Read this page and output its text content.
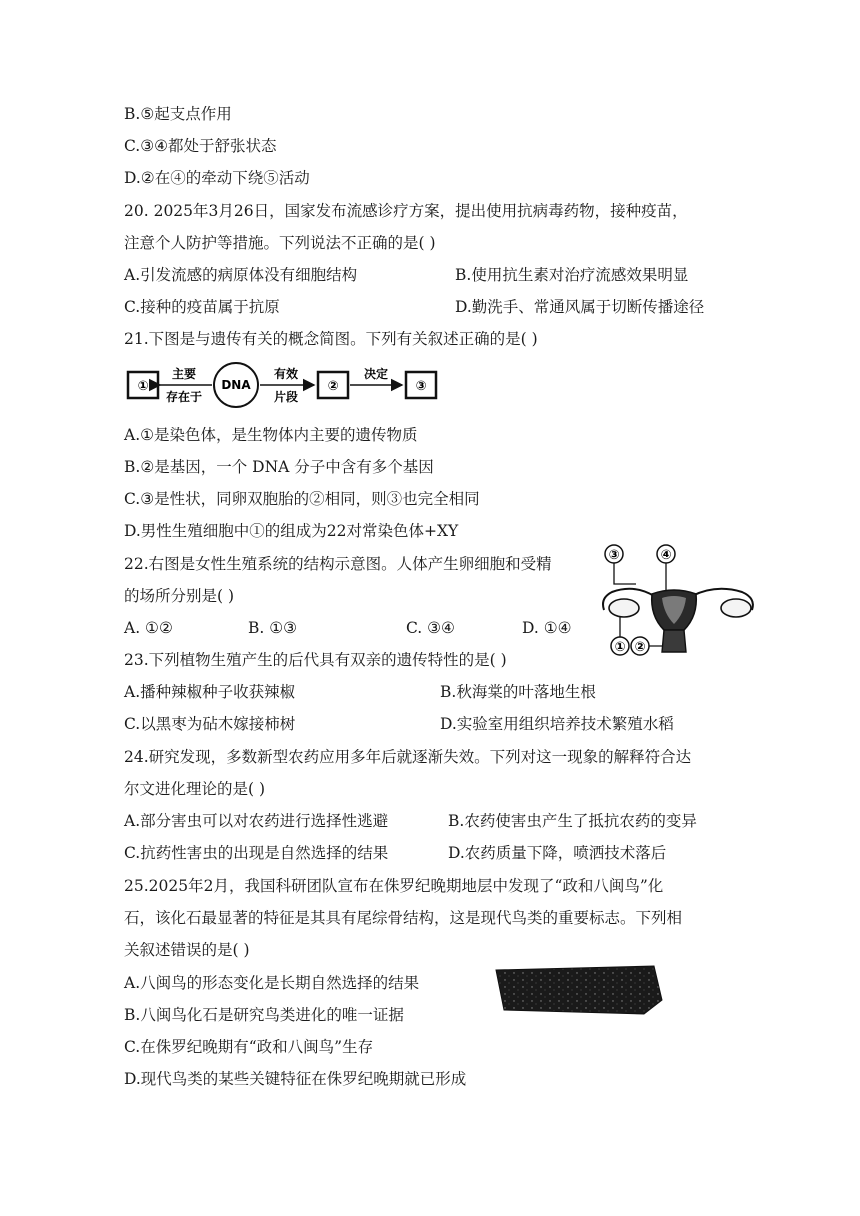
B.⑤起支点作用
C.③④都处于舒张状态
D.②在④的牵动下绕⑤活动
20. 2025年3月26日，国家发布流感诊疗方案，提出使用抗病毒药物，接种疫苗，
注意个人防护等措施。下列说法不正确的是( )
A.引发流感的病原体没有细胞结构	B.使用抗生素对治疗流感效果明显
C.接种的疫苗属于抗原	D.勤洗手、常通风属于切断传播途径
21.下图是与遗传有关的概念简图。下列有关叙述正确的是( )
①
主要
存在于
DNA
有效
片段
②
决定
③
A.①是染色体，是生物体内主要的遗传物质
B.②是基因，一个 DNA 分子中含有多个基因
C.③是性状，同卵双胞胎的②相同，则③也完全相同
D.男性生殖细胞中①的组成为22对常染色体+XY
22.右图是女性生殖系统的结构示意图。人体产生卵细胞和受精
的场所分别是( )
A. ①②	B. ①③	C. ③④	D. ①④
③	④
① ②
23.下列植物生殖产生的后代具有双亲的遗传特性的是( )
A.播种辣椒种子收获辣椒	B.秋海棠的叶落地生根
C.以黑枣为砧木嫁接柿树	D.实验室用组织培养技术繁殖水稻
24.研究发现，多数新型农药应用多年后就逐渐失效。下列对这一现象的解释符合达
尔文进化理论的是( )
A.部分害虫可以对农药进行选择性逃避	B.农药使害虫产生了抵抗农药的变异
C.抗药性害虫的出现是自然选择的结果	D.农药质量下降，喷洒技术落后
25.2025年2月，我国科研团队宣布在侏罗纪晚期地层中发现了“政和八闽鸟”化
石，该化石最显著的特征是其具有尾综骨结构，这是现代鸟类的重要标志。下列相
关叙述错误的是( )
A.八闽鸟的形态变化是长期自然选择的结果
B.八闽鸟化石是研究鸟类进化的唯一证据
C.在侏罗纪晚期有“政和八闽鸟”生存
D.现代鸟类的某些关键特征在侏罗纪晚期就已形成
